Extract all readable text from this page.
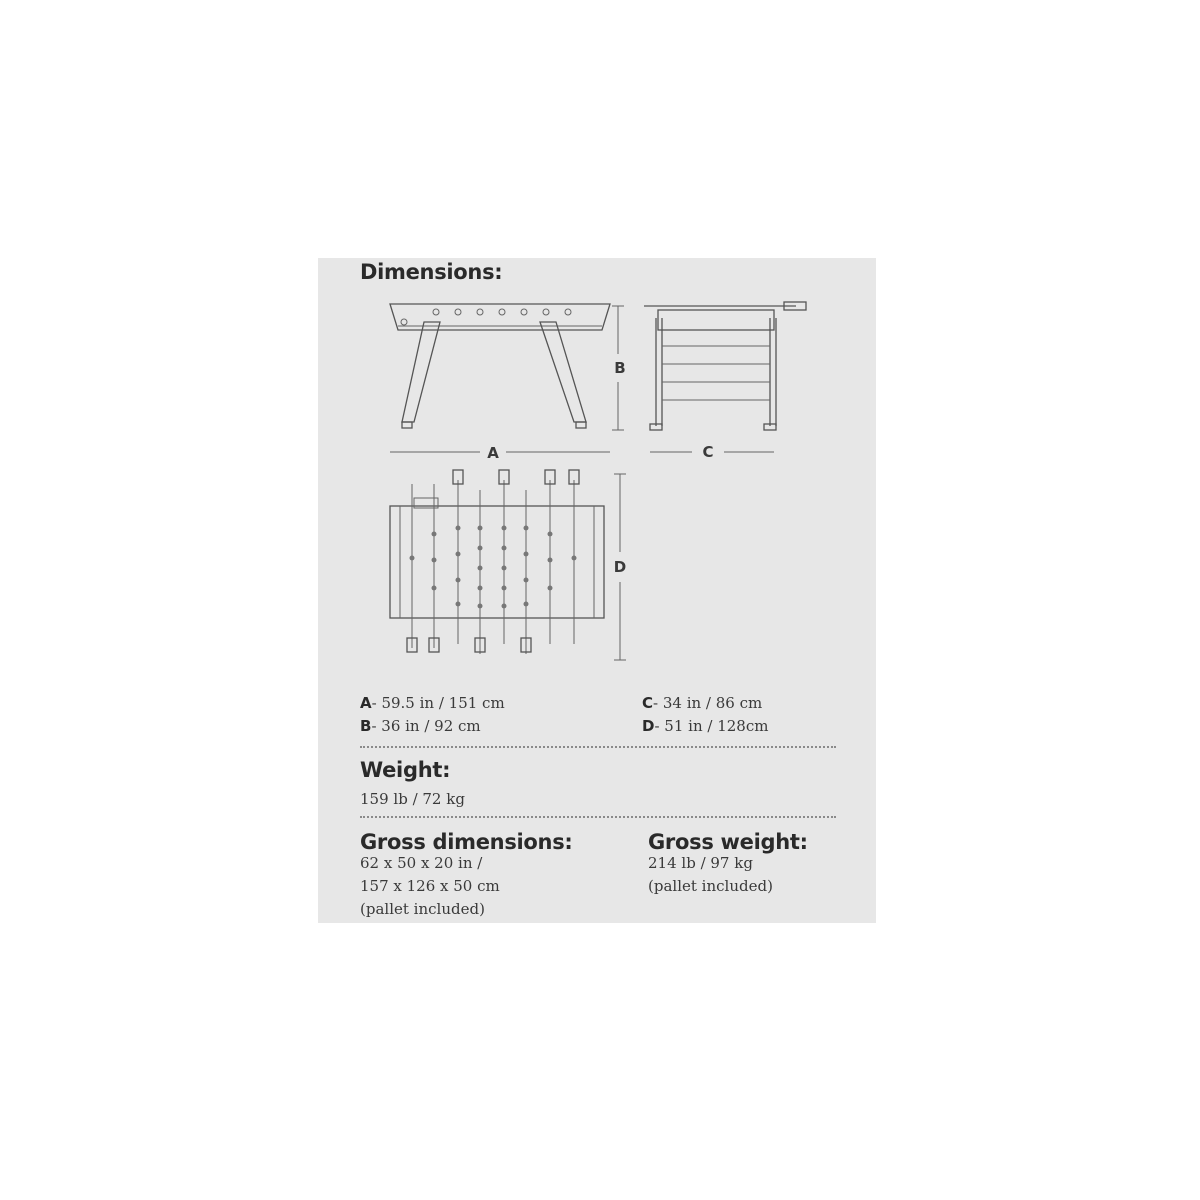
Dimensions:
A
B
C
D
A- 59.5 in / 151 cm
B- 36 in / 92 cm
C- 34 in / 86 cm
D- 51 in / 128cm
Weight:
159 lb / 72 kg
Gross dimensions:
62 x 50 x 20 in /
157 x 126 x 50 cm
(pallet included)
Gross weight:
214 lb / 97 kg
(pallet included)
